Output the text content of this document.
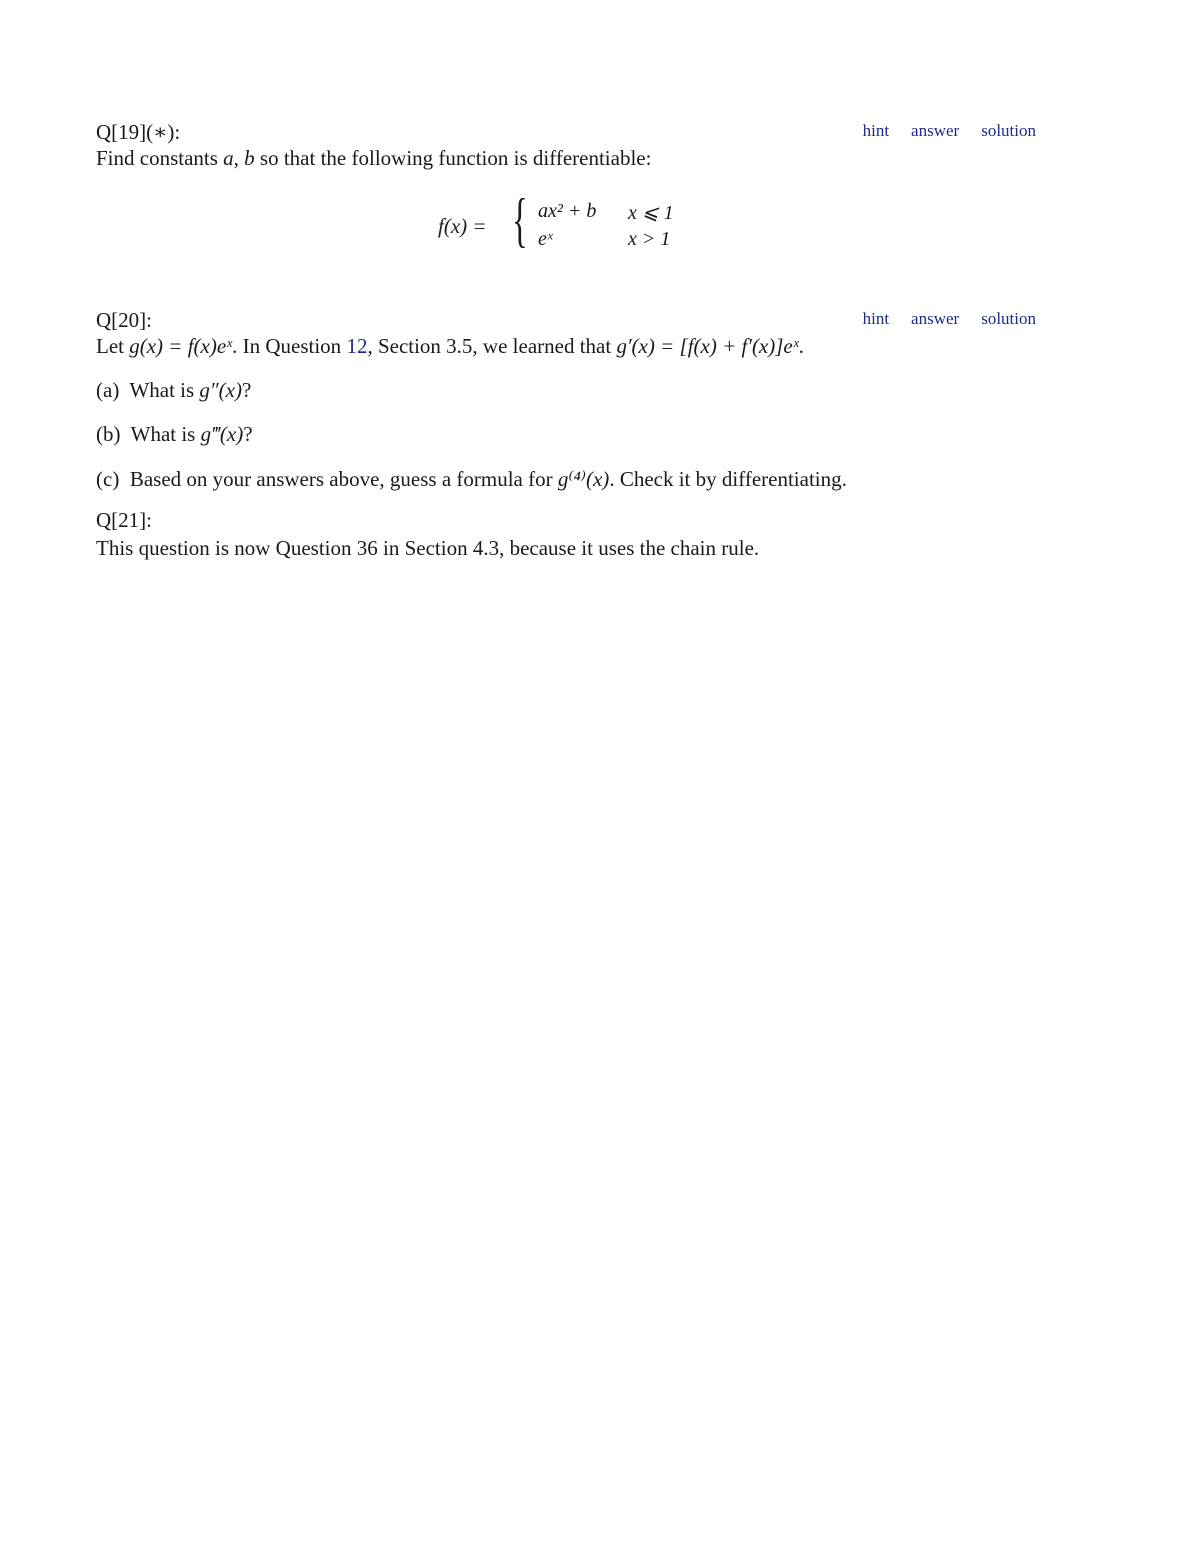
Q[19](∗):	hint answer solution
Find constants a, b so that the following function is differentiable:
f(x) = { ax² + b x ⩽ 1
eˣ	x > 1
Q[20]:	hint answer solution
Let g(x) = f(x)eˣ. In Question 12, Section 3.5, we learned that g′(x) = [f(x) + f′(x)]eˣ.
(a) What is g″(x)?
(b) What is g‴(x)?
(c) Based on your answers above, guess a formula for g⁽⁴⁾(x). Check it by differentiating.
Q[21]:
This question is now Question 36 in Section 4.3, because it uses the chain rule.
